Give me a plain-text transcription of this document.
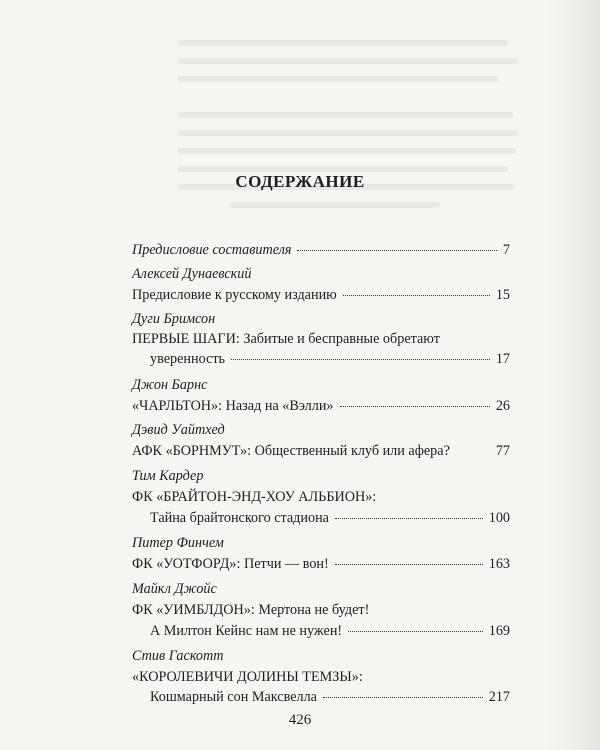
СОДЕРЖАНИЕ
Предисловие составителя	7
Алексей Дунаевский
Предисловие к русскому изданию	15
Дуги Бримсон
ПЕРВЫЕ ШАГИ: Забитые и бесправные обретают
уверенность	17
Джон Барнс
«ЧАРЛЬТОН»: Назад на «Вэлли»	26
Дэвид Уайтхед
АФК «БОРНМУТ»: Общественный клуб или афера?	77
Тим Кардер
ФК «БРАЙТОН-ЭНД-ХОУ АЛЬБИОН»:
Тайна брайтонского стадиона	100
Питер Финчем
ФК «УОТФОРД»: Петчи — вон!	163
Майкл Джойс
ФК «УИМБЛДОН»: Мертона не будет!
А Милтон Кейнс нам не нужен!	169
Стив Гаскотт
«КОРОЛЕВИЧИ ДОЛИНЫ ТЕМЗЫ»:
Кошмарный сон Максвелла	217
426
